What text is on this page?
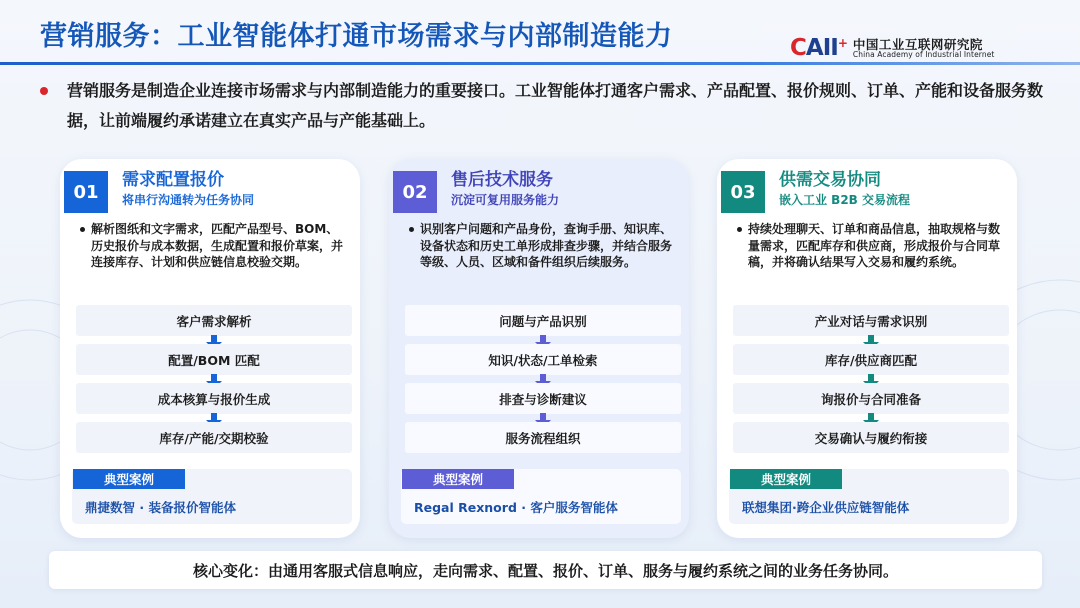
营销服务：工业智能体打通市场需求与内部制造能力	CAII+ 中国工业互联网研究院
China Academy of Industrial Internet
营销服务是制造企业连接市场需求与内部制造能力的重要接口。工业智能体打通客户需求、产品配置、报价规则、订单、产能和设备服务数据，让前端履约承诺建立在真实产品与产能基础上。
01
需求配置报价
将串行沟通转为任务协同
解析图纸和文字需求，匹配产品型号、BOM、历史报价与成本数据，生成配置和报价草案，并连接库存、计划和供应链信息校验交期。
客户需求解析
配置/BOM 匹配
成本核算与报价生成
库存/产能/交期校验
典型案例
鼎捷数智 · 装备报价智能体
02
售后技术服务
沉淀可复用服务能力
识别客户问题和产品身份，查询手册、知识库、设备状态和历史工单形成排查步骤，并结合服务等级、人员、区域和备件组织后续服务。
问题与产品识别
知识/状态/工单检索
排查与诊断建议
服务流程组织
典型案例
Regal Rexnord · 客户服务智能体
03
供需交易协同
嵌入工业 B2B 交易流程
持续处理聊天、订单和商品信息，抽取规格与数量需求，匹配库存和供应商，形成报价与合同草稿，并将确认结果写入交易和履约系统。
产业对话与需求识别
库存/供应商匹配
询报价与合同准备
交易确认与履约衔接
典型案例
联想集团·跨企业供应链智能体
核心变化：由通用客服式信息响应，走向需求、配置、报价、订单、服务与履约系统之间的业务任务协同。
